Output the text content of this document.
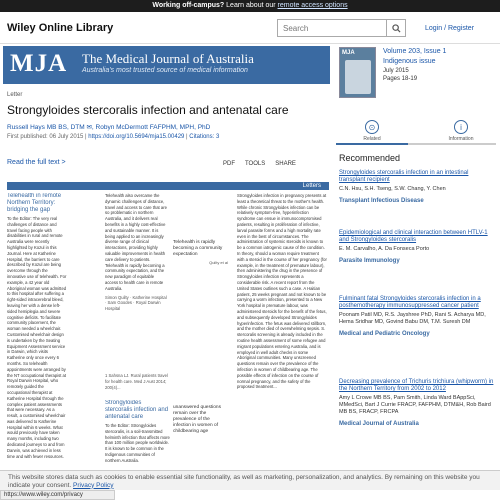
Working off-campus? Learn about our remote access options
Wiley Online Library	Search	Login / Register
MJA The Medical Journal of Australia
Australia's most trusted source of medical information
MJA	Volume 203, Issue 1
Indigenous issue
July 2015
Pages 18-19
Letter
Strongyloides stercoralis infection and antenatal care
Russell Hays MB BS, DTM ✉, Robyn McDermott FAFPHM, MPH, PhD
First published: 06 July 2015 | https://doi.org/10.5694/mja15.00429 | Citations: 3
Read the full text >	PDF TOOLS SHARE
Letters
Telehealth in remote Northern Territory: bridging the gap

To the Editor: The very real challenges of distance and travel facing people with disabilities in rural and remote Australia were recently highlighted by Kozul in this Journal. Here at Katherine Hospital, the barriers to care described by Kozul are being overcome through the innovative use of telehealth. For example, a 42 year old Aboriginal woman was admitted to this hospital after suffering a right-sided intracerebral bleed, leaving her with a dense left-sided hemiplegia and severe cognitive deficits. To facilitate community placement, the woman needed a wheelchair. Customised wheelchair design is undertaken by the Seating Equipment Assessment service in Darwin, which visits Katherine only once every 6 months. So telehealth appointments were arranged by the NT occupational therapist at Royal Darwin Hospital, who remotely guided the occupational therapist at Katherine Hospital through the complex patient assessments that were necessary. As a result, a customised wheelchair was delivered to Katherine Hospital within 6 weeks. What would previously have taken many months, including two dedicated journeys to and from Darwin, was achieved in less time and with fewer resources.

Telehealth also overcame the dynamic challenges of distance, travel and access to care that are so problematic in northern Australia, and it delivers real benefits in a highly cost-effective and sustainable manner. It is being applied to an increasingly diverse range of clinical interactions, providing highly valuable improvements in health care delivery to patients. Telehealth is rapidly becoming a community expectation, and the new paradigm of equitable access to health care in remote Australia.

Simon Quilty · Katherine Hospital · Sam Goodes · Royal Darwin Hospital

Telehealth is rapidly becoming a community expectation
Quilty et al

1 Sahsna LJ. Rural patients travel for health care. Med J Aust 2014; 200(4)...

Strongyloides stercoralis infection and antenatal care

To the Editor: Strongyloides stercoralis, is a soil-transmitted helminth infection that affects more than 100 million people worldwide. It is known to be common in the Indigenous communities of northern Australia.

unanswered questions remain over the prevalence of the infection in women of childbearing age

Strongyloides infection in pregnancy presents at least a theoretical threat to the mother's health. While chronic Strongyloides infection can be relatively symptom-free, hyperinfection syndrome can ensue in immunocompromised patients, resulting in proliferation of infective, larval parasite forms and a high mortality rate even in the best of circumstances. The administration of systemic steroids is known to be a common iatrogenic cause of the condition. In theory, should a woman require treatment with a steroid in the course of her pregnancy (for example, in the treatment of premature labour), then administering the drug in the presence of Strongyloides infection represents a considerable risk. A recent report from the United States outlines such a case. A Haitian patient, 25 weeks pregnant and not known to be carrying a worm infection, presented to a New York hospital in premature labour, was administered steroids for the benefit of the fetus, and subsequently developed Strongyloides hyperinfection. The fetus was delivered stillborn, and the mother died of overwhelming sepsis. S. stercoralis screening is already included in the routine health assessment of some refugee and migrant populations entering Australia, and is employed in well adult checks in some Aboriginal communities. Many unscreened questions remain over the prevalence of the infection in women of childbearing age. The possible effects of infection on the course of normal pregnancy, and the safety of the proposed treatment...

⊙
Related
i
Information
Recommended
Strongyloides stercoralis infection in an intestinal transplant recipient
C.N. Hsu, S.H. Tseng, S.W. Chang, Y. Chen
Transplant Infectious Disease
Epidemiological and clinical interaction between HTLV-1 and Strongyloides stercoralis
E. M. Carvalho, A. Da Fonseca Porto
Parasite Immunology
Fulminant fatal Strongyloides stercoralis infection in a posthemotherapy immunosuppressed cancer patient
Poonam Patil MD, R.S. Jayshree PhD, Rani S. Acharya MD, Hema Sridhar MD, Govind Babu DM, T.M. Suresh DM
Medical and Pediatric Oncology
Decreasing prevalence of Trichuris trichiura (whipworm) in the Northern Territory from 2002 to 2012
Amy L Crowe MB BS, Pam Smith, Linda Ward BAppSci, MMedSci, Bart J Currie FRACP, FAFPHM, DTM&H, Rob Baird MB BS, FRACP, FRCPA
Medical Journal of Australia
This website stores data such as cookies to enable essential site functionality, as well as marketing, personalization, and analytics. By remaining on this website you indicate your consent. Privacy Policy
https://www.wiley.com/privacy
